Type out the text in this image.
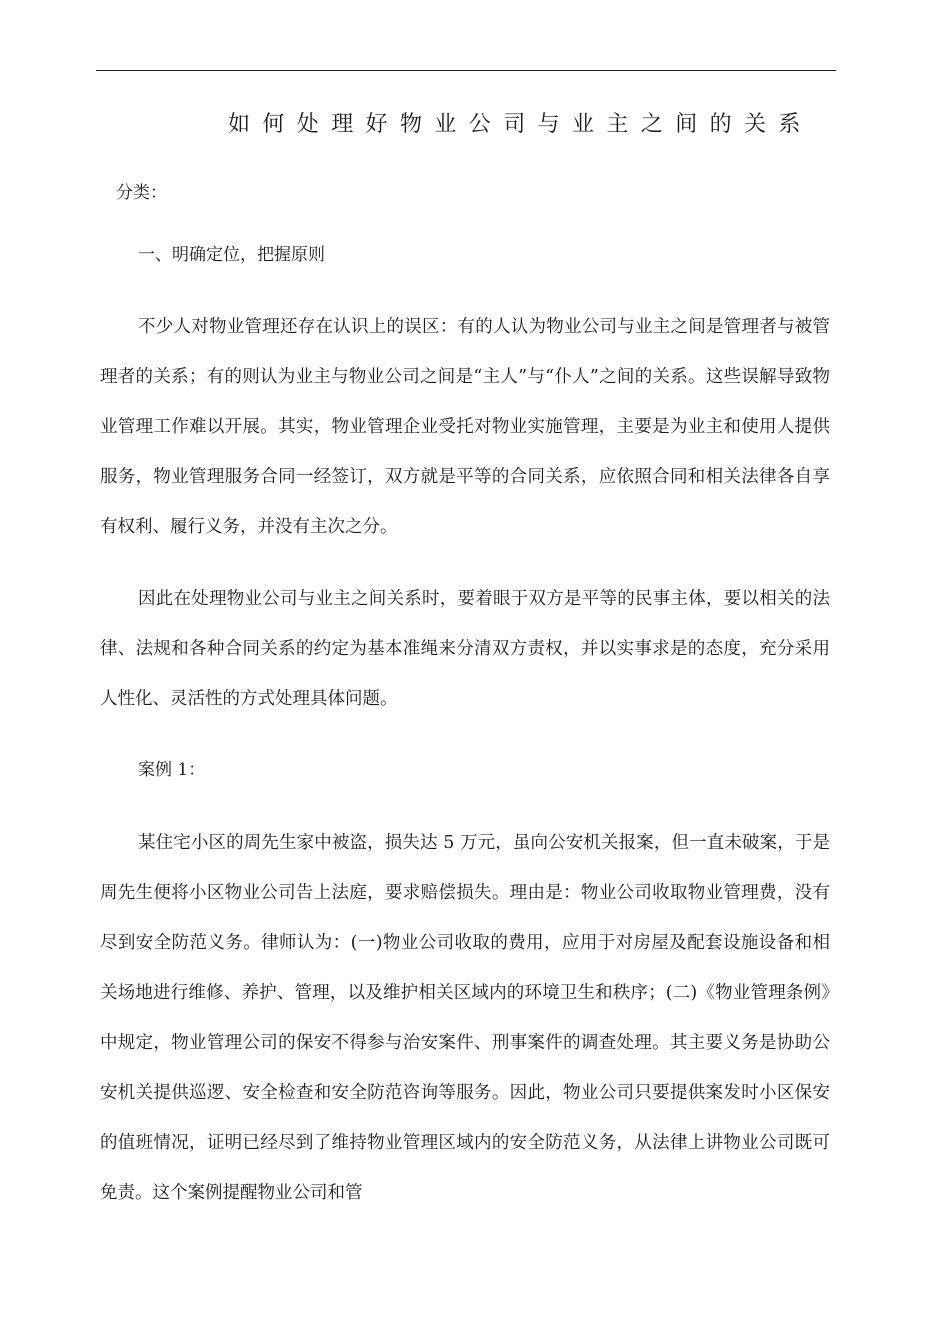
如何处理好物业公司与业主之间的关系
分类：
一、明确定位，把握原则

不少人对物业管理还存在认识上的误区：有的人认为物业公司与业主之间是管理者与被管理者的关系；有的则认为业主与物业公司之间是“主人”与“仆人”之间的关系。这些误解导致物业管理工作难以开展。其实，物业管理企业受托对物业实施管理，主要是为业主和使用人提供服务，物业管理服务合同一经签订，双方就是平等的合同关系，应依照合同和相关法律各自享有权利、履行义务，并没有主次之分。

因此在处理物业公司与业主之间关系时，要着眼于双方是平等的民事主体，要以相关的法律、法规和各种合同关系的约定为基本准绳来分清双方责权，并以实事求是的态度，充分采用人性化、灵活性的方式处理具体问题。

案例 1：

某住宅小区的周先生家中被盗，损失达 5 万元，虽向公安机关报案，但一直未破案，于是周先生便将小区物业公司告上法庭，要求赔偿损失。理由是：物业公司收取物业管理费，没有尽到安全防范义务。律师认为：(一)物业公司收取的费用，应用于对房屋及配套设施设备和相关场地进行维修、养护、管理，以及维护相关区域内的环境卫生和秩序；(二)《物业管理条例》中规定，物业管理公司的保安不得参与治安案件、刑事案件的调查处理。其主要义务是协助公安机关提供巡逻、安全检查和安全防范咨询等服务。因此，物业公司只要提供案发时小区保安的值班情况，证明已经尽到了维持物业管理区域内的安全防范义务，从法律上讲物业公司既可免责。这个案例提醒物业公司和管
